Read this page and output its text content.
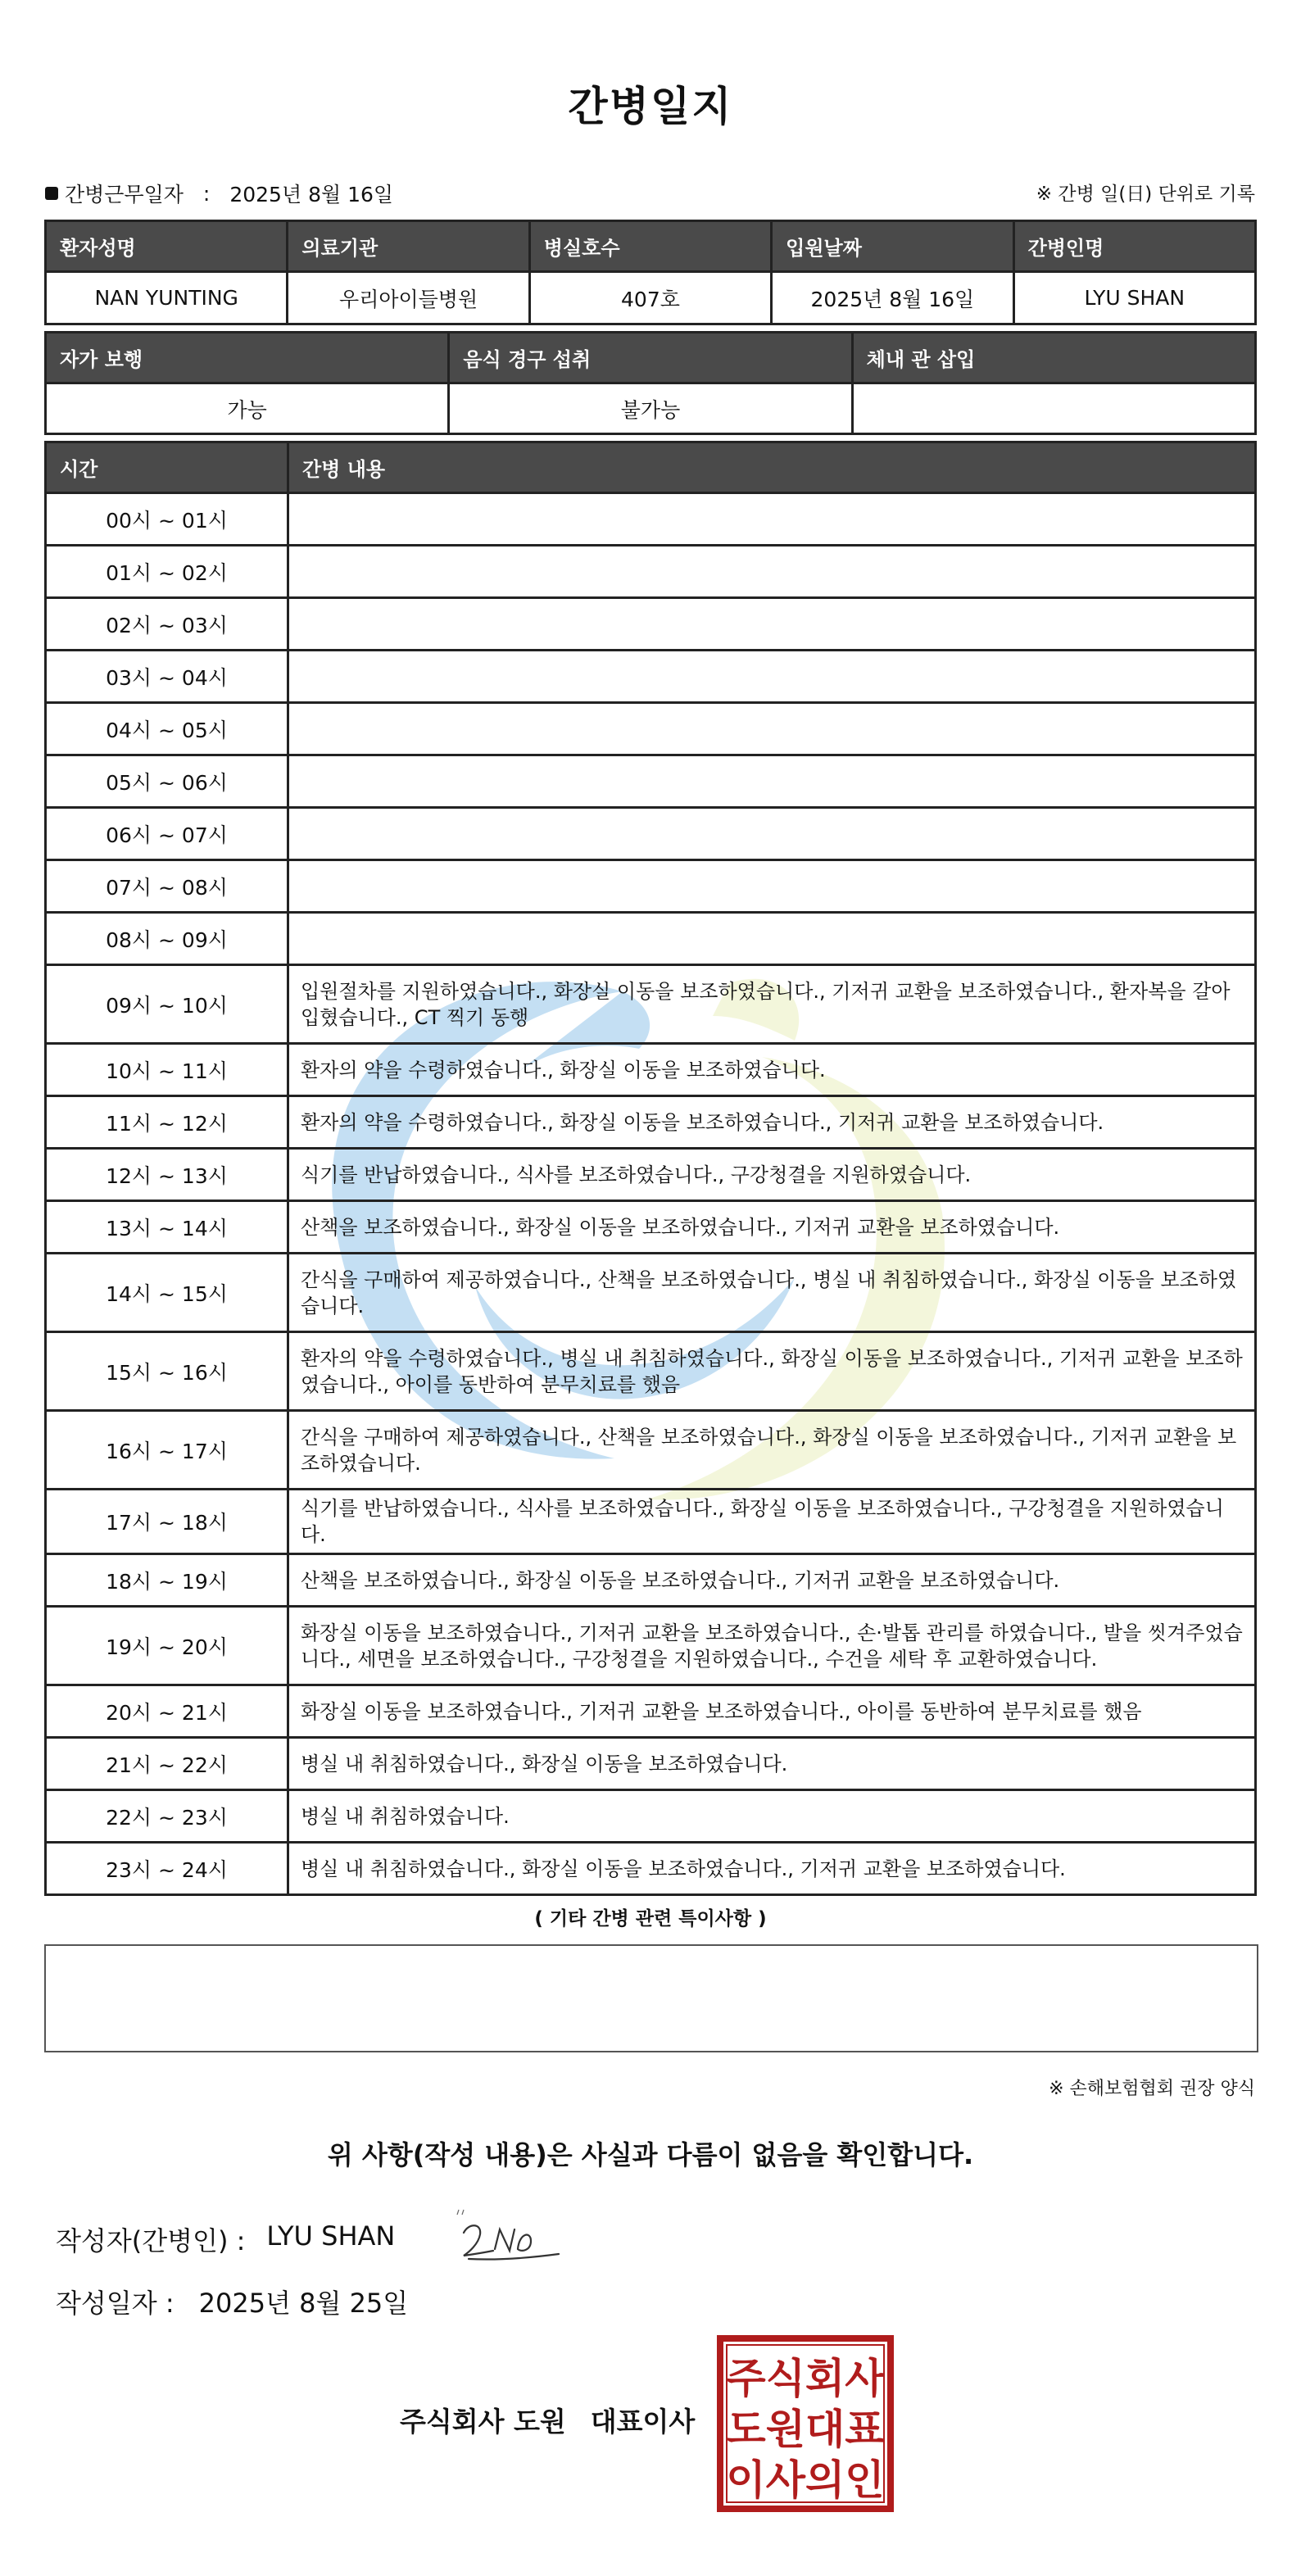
간병일지
간병근무일자 : 2025년 8월 16일	※ 간병 일(日) 단위로 기록
환자성명	의료기관	병실호수	입원날짜	간병인명
NAN YUNTING	우리아이들병원	407호	2025년 8월 16일	LYU SHAN
자가 보행	음식 경구 섭취	체내 관 삽입
가능	불가능	
시간	간병 내용
00시 ~ 01시	
01시 ~ 02시	
02시 ~ 03시	
03시 ~ 04시	
04시 ~ 05시	
05시 ~ 06시	
06시 ~ 07시	
07시 ~ 08시	
08시 ~ 09시	
09시 ~ 10시	입원절차를 지원하였습니다., 화장실 이동을 보조하였습니다., 기저귀 교환을 보조하였습니다., 환자복을 갈아입혔습니다., CT 찍기 동행
10시 ~ 11시	환자의 약을 수령하였습니다., 화장실 이동을 보조하였습니다.
11시 ~ 12시	환자의 약을 수령하였습니다., 화장실 이동을 보조하였습니다., 기저귀 교환을 보조하였습니다.
12시 ~ 13시	식기를 반납하였습니다., 식사를 보조하였습니다., 구강청결을 지원하였습니다.
13시 ~ 14시	산책을 보조하였습니다., 화장실 이동을 보조하였습니다., 기저귀 교환을 보조하였습니다.
14시 ~ 15시	간식을 구매하여 제공하였습니다., 산책을 보조하였습니다., 병실 내 취침하였습니다., 화장실 이동을 보조하였습니다.
15시 ~ 16시	환자의 약을 수령하였습니다., 병실 내 취침하였습니다., 화장실 이동을 보조하였습니다., 기저귀 교환을 보조하였습니다., 아이를 동반하여 분무치료를 했음
16시 ~ 17시	간식을 구매하여 제공하였습니다., 산책을 보조하였습니다., 화장실 이동을 보조하였습니다., 기저귀 교환을 보조하였습니다.
17시 ~ 18시	식기를 반납하였습니다., 식사를 보조하였습니다., 화장실 이동을 보조하였습니다., 구강청결을 지원하였습니다.
18시 ~ 19시	산책을 보조하였습니다., 화장실 이동을 보조하였습니다., 기저귀 교환을 보조하였습니다.
19시 ~ 20시	화장실 이동을 보조하였습니다., 기저귀 교환을 보조하였습니다., 손·발톱 관리를 하였습니다., 발을 씻겨주었습니다., 세면을 보조하였습니다., 구강청결을 지원하였습니다., 수건을 세탁 후 교환하였습니다.
20시 ~ 21시	화장실 이동을 보조하였습니다., 기저귀 교환을 보조하였습니다., 아이를 동반하여 분무치료를 했음
21시 ~ 22시	병실 내 취침하였습니다., 화장실 이동을 보조하였습니다.
22시 ~ 23시	병실 내 취침하였습니다.
23시 ~ 24시	병실 내 취침하였습니다., 화장실 이동을 보조하였습니다., 기저귀 교환을 보조하였습니다.
( 기타 간병 관련 특이사항 )
※ 손해보험협회 권장 양식
위 사항(작성 내용)은 사실과 다름이 없음을 확인합니다.
작성자(간병인) : LYU SHAN
작성일자 : 2025년 8월 25일
주식회사 도원 대표이사
주식회사
도원대표
이사의인
